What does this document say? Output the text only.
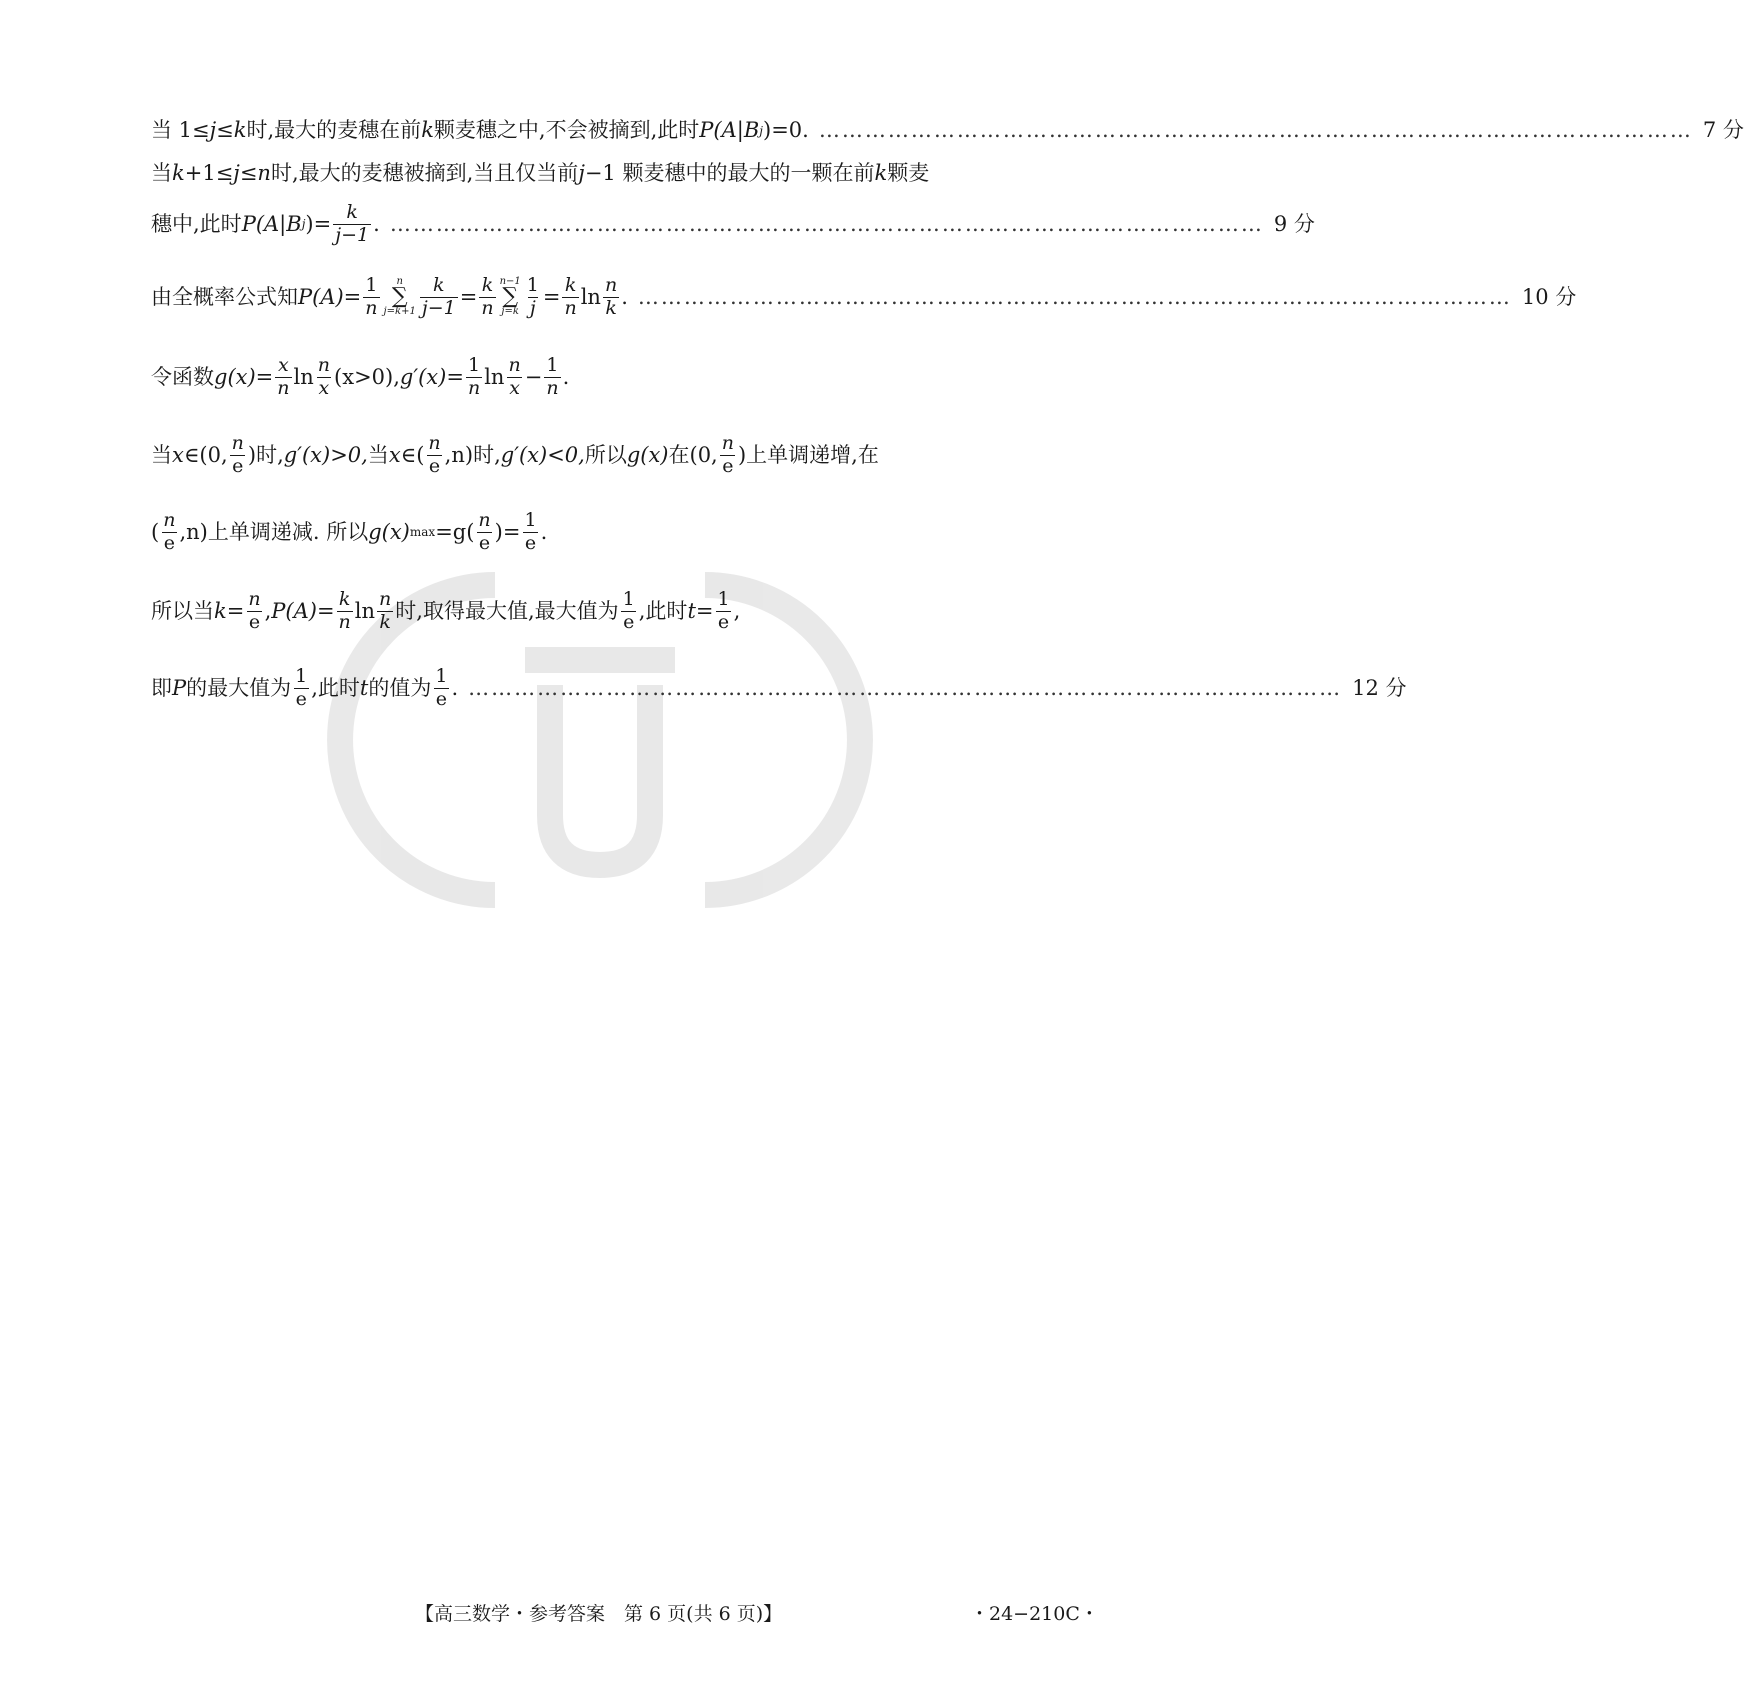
当 1≤ j ≤ k 时,最大的麦穗在前 k 颗麦穗之中,不会被摘到,此时 P(A|B j )=0. …………………………………………………………………………………………………… 7 分
当 k +1≤ j ≤ n 时,最大的麦穗被摘到,当且仅当前 j −1 颗麦穗中的最大的一颗在前 k 颗麦
穗中,此时 P(A|B j )= $\frac{k}{j-1}$ . …………………………………………………………………………………………………… 9 分
由全概率公式知 $P(A)= \frac{1}{n}$ n
∑
$j=k+1 \frac{k}{j-1} = \frac{k}{n} n-1$
∑
$j=k \frac{1}{j} = \frac{k}{n}$ $\ln \frac{n}{k}$ . …………………………………………………………………………………………………… 10 分
令函数 $g(x)= \frac{x}{n}$ $\ln \frac{n}{x} (x>0)$, $g'(x)= \frac{1}{n}$ $\ln \frac{n}{x} - \frac{1}{n}$ .
当 x ∈(0, $\frac{n}{e}$ )时, g′(x)>0, 当 x ∈( $\frac{n}{e} ,n$)时, g′(x)<0, 所以 g(x) 在(0, $\frac{n}{e}$ )上单调递增,在
( $\frac{n}{e} ,n$)上单调递减. 所以 g(x) $\max =g( \frac{n}{e}$ )= $\frac{1}{e}$ .
所以当 $k= \frac{n}{e}$ , $P(A)= \frac{k}{n}$ $\ln \frac{n}{k}$ 时,取得最大值,最大值为 $\frac{1}{e}$ ,此时 $t= \frac{1}{e}$ ,
即 P 的最大值为 $\frac{1}{e}$ ,此时 t 的值为 $\frac{1}{e}$ . …………………………………………………………………………………………………… 12 分
【高三数学・参考答案　第 6 页(共 6 页)】	・24−210C・
